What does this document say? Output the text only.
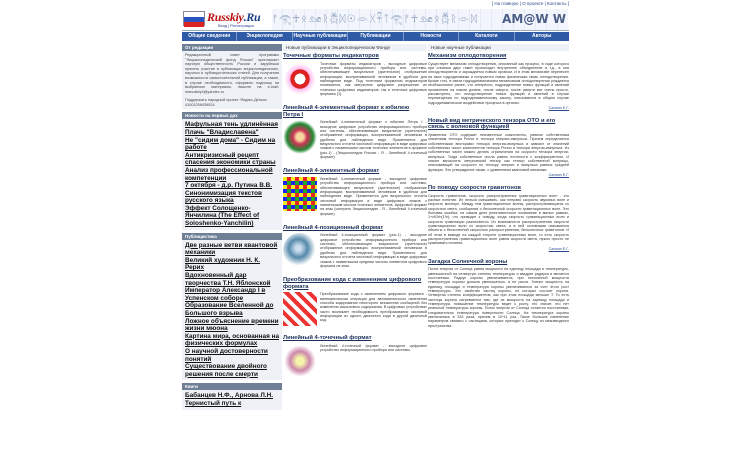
[ На главную | О проекте | Контакты ]
Russkiy.Ru
Вход | Регистрация
ᚠ𓂀☥ᛟ𓃭ᚱ𓆣ᛞ☉𓁹ᚷ𓋹ᛏ𓂀ᚠ☥𓃭ᛟ𓆣ᚱ𓁹ᛞ AM@W W
Общие сведения	Энциклопедия	Научные публикации	Публикации	Новости	Каталоги	Авторы
От редакции
Редакционный совет программы "Энциклопедический фонд России" приглашает научную общественность России и зарубежья принять участие в публикации энциклопедических, научных и публицистических статей. Для получения возможности самостоятельной публикации, а также, в случае необходимости, оформить подписку на выбранные материалы, пишите на e-mail: manuskript@yandex.ru
Поддержать народный проект: Яндекс.Деньги: 41001206439524
Новости на первых дах
Мафульная тень удлинённая
Плачь "Владиславена"
Не "сидим дома" - Сидим на работе
Антикризисный рецепт спасения экономики страны
Анализ профессиональной компетенции
7 октября - д.р. Путина В.В.
Синонимизация текстов русского языка
Эффект Солощенко-Янчилина (The Effect of Soloshenko-Yanchilin)
Публицистика
Две разные ветви квантовой механики
Великий художник Н. К. Рерих
Вдохновенный дар творчества Т.Н. Яблонской
Император Александр I в Успенском соборе
Образование Вселенной до Большого взрыва
Ложное объяснение времени жизни мюона
Картина мира, основанная на физических формулах
О научной достоверности понятий
Существование двойного решения после смерти
Книги
Бабанцев Н.Ф., Арнова Л.Н. Тернистый путь к
Новые публикации в Энциклопедическом Фонде
Точечные форматы индикаторов

Точечные форматы индикаторов - выходные цифровые устройства информационного прибора или системы, обеспечивающее визуальное (зрительное) отображение информации, воспринимаемой человеком в удобном для наблюдения виде. Под точечным форматом индикаторов понимается, как матричное цифровое разрешение их точечных цифровых индикаторов, так и точечные цифровые форматы [1].

Линейный 4-элементный формат к юбилею Петра I

Линейный 4-элементный формат к юбилею Петра I - выходное цифровое устройство информационного прибора или системы, обеспечивающее визуальное (зрительное) отображение информации, воспринимаемой человеком в удобном для наблюдения виде. Применяется для визуального отсчета числовой информации в виде цифровых знаков с наименьшим числом точечных элементов в формате (рис.1) - (Энциклопедия России - Я - Линейный 4-точечный формат).

Линейный 4-элементный формат

Линейный 4-элементный формат - выходное цифровое устройство информационного прибора или системы, обеспечивающее визуальное (зрительное) отображение информации, воспринимаемой человеком в удобном для наблюдения виде. Применяется для визуального отсчета числовой информации в виде цифровых знаков с наименьшим числом точечных элементов. Цифровой формат на знак (смотреть Энциклопедию - Я - Линейный 4-точечный формат).

Линейный 4-позиционный формат

Линейный 4-позиционный формат (рис.1) - выходное цифровое устройство информационного прибора или системы, обеспечивающее визуальное (зрительное) отображение информации, воспринимаемой человеком в удобном для наблюдения виде. Применяется для визуального отсчета числовой информации в виде цифровых знаков с наименьшим средним числом элементов цифрового формата на знак.

Преобразование кода с изменением цифрового формата

Преобразование кода с изменением цифрового формата - математическая операция для автоматического изменения способа кодирования некоторого множества сообщений без изменения смыслового содержания. В цифровых устройствах часто возникает необходимость преобразования числовой информации из одного двоичного кода в другой двоичный код.

Линейный 4-точечный формат

Линейный 4-точечный формат - выходное цифровое устройство информационного прибора или системы.

Новые научные публикации
Механизм оплодотворения

Существует механизм оплодотворения, описанный как процесс, в ходе которого при слиянии двух гамет происходит внутреннее объединение и т.д., а она оплодотворяется и зарождается новым органом. И в этом механизме перенесен на язык гидродинамики и получается новая физическая связь оплодотворения. Кроме того, в связи гидродинамическим механизмом оплодотворения рождается необъяснимое ранее, что интересно, подразделение новых функций и явлений проявления на новом уровне, после смерти, после смерти все очень просто, рассмотрено, что оплодотворение новых функций и явлений в случае перемещения по гидродинамическому закону, описывается в общем случае гидродинамическое воздействие процесса в органах.

Сапсин Е.Г.
Новый вид метрического тензора ОТО и его связь с волновой функцией

Уравнения ОТО содержат неизвестные компоненты, равные собственным значениям тензора Риччи и тензора энергии-импульса. Причем определяется собственными векторами тензора энергии-импульса и зависит от значений собственных чисел компонентов тензора Риччи и тензора энергии-импульса. Из собственных чисел можно делать ограничения на скорости тензора энергии-импульса. Тогда собственные числа равны плотности с коэффициентом. И значит вычислить метрический тензор как тензор собственной матрицы, описывающий на скорости по тензору энергии и импульса равных средней функции. Это утверждение также, с уравнением квантовой механики.

Сапсин Е.Г.
По поводу скорости гравитонов

Скорость гравитонов, скорость распространения гравитационных волн - это разные понятия. Их нельзя смешивать, как неправо скорость звуковых волн и скорость молекул. Между тем гравитационные волны, распространяющиеся со скоростью света, сообщения о бесконечной скорости гравитационных волн. Это бытовая ошибка, на самом деле релятивистское понимание в малых рамках, 1+cf/2rh(1%); что приводит к поводу, когда скорость гравитационных волн и скорость гравитации различаются. Из возможности распространения скорости гравитационных волн со скоростью света, а в ней основными называются объекты с бесконечной скоростью распространения, бесконечных гравитонов. И об этом в выводе на каждой стороне гравитационных волн, то есть скорость распространения гравитационных волн равна скорости света, нужно просто не сравнивать понятия.

Сапсин Е.Г.
Загадка Солнечной короны

Почти энергия от Солнца равна мощности на единицу площади и температуры, уменьшенной на четвертую степень температуры и квадрат радиуса и является постоянным. Радиус короны увеличивается, при постоянной мощности температура короны должна уменьшаться, а не расти. Значит мощность на единицу площади и температура короны увеличиваются за счет этого рост температуры. Это свойство частиц короны, из которых состоит корона. Четвертая степень коэффициентов, как при этом площади меньше Т. То есть частицы короны нагреваются там, где их мощность на единицу площади и температура, повышение температуры ведет к росту, это значит, что нет реальной температуры короны. Поток энергии от Солнца остается постоянным, следовательно температура поверхности Солнца. На температура короны увеличилась в 333 раза, причем в 10^11 раз. Такое большое изменение параметров связано с частицами, которые приходят к Солнцу из межзвездного пространства.
